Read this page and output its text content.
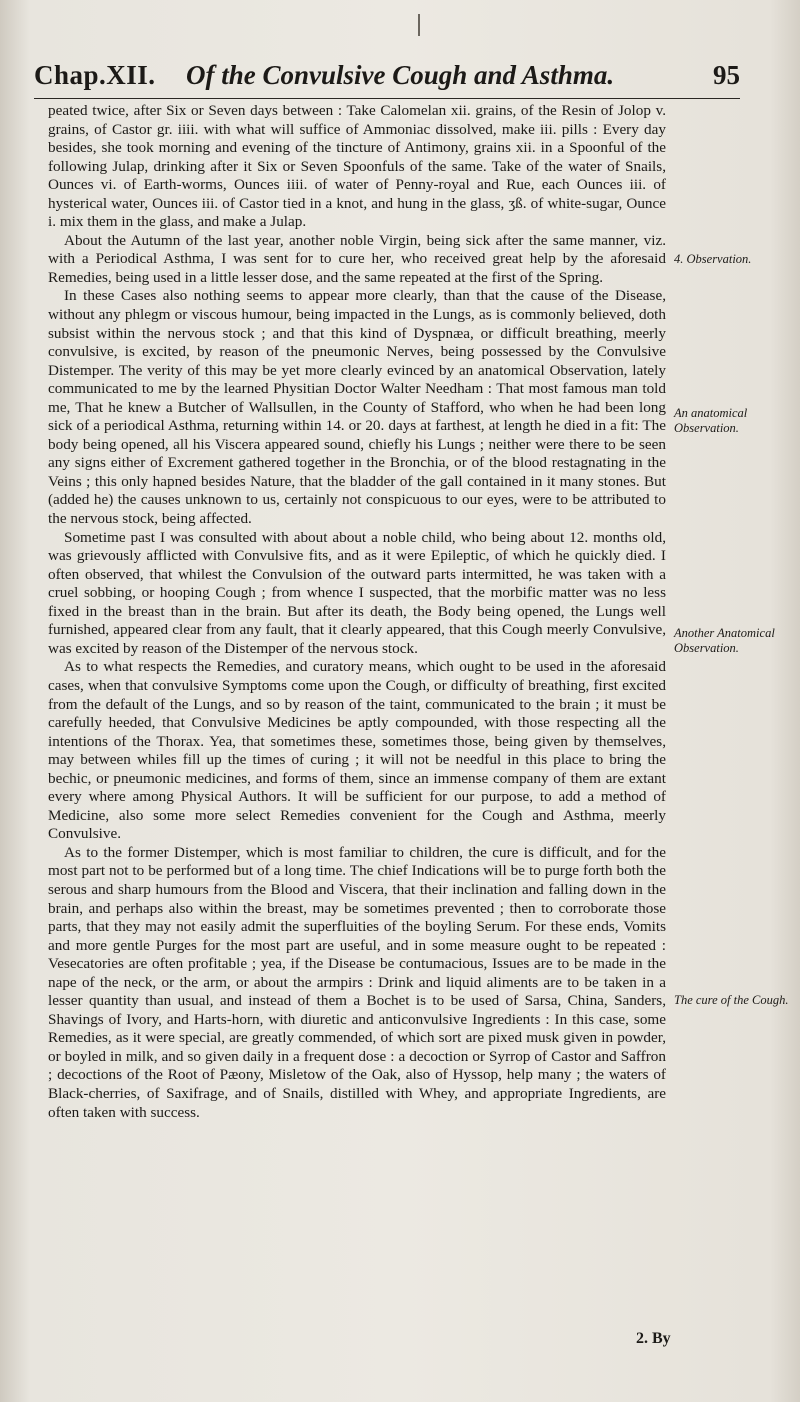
Chap.XII. Of the Convulsive Cough and Asthma.	95

peated twice, after Six or Seven days between : Take Calomelan xii. grains, of the Resin of Jolop v. grains, of Castor gr. iiii. with what will suffice of Ammoniac dissolved, make iii. pills : Every day besides, she took morning and evening of the tincture of Antimony, grains xii. in a Spoonful of the following Julap, drinking after it Six or Seven Spoonfuls of the same. Take of the water of Snails, Ounces vi. of Earth-worms, Ounces iiii. of water of Penny-royal and Rue, each Ounces iii. of hysterical water, Ounces iii. of Castor tied in a knot, and hung in the glass, ʒß. of white-sugar, Ounce i. mix them in the glass, and make a Julap.

About the Autumn of the last year, another noble Virgin, being sick after the same manner, viz. with a Periodical Asthma, I was sent for to cure her, who received great help by the aforesaid Remedies, being used in a little lesser dose, and the same repeated at the first of the Spring.

In these Cases also nothing seems to appear more clearly, than that the cause of the Disease, without any phlegm or viscous humour, being impacted in the Lungs, as is commonly believed, doth subsist within the nervous stock ; and that this kind of Dyspnæa, or difficult breathing, meerly convulsive, is excited, by reason of the pneumonic Nerves, being possessed by the Convulsive Distemper. The verity of this may be yet more clearly evinced by an anatomical Observation, lately communicated to me by the learned Physitian Doctor Walter Needham : That most famous man told me, That he knew a Butcher of Wallsullen, in the County of Stafford, who when he had been long sick of a periodical Asthma, returning within 14. or 20. days at farthest, at length he died in a fit: The body being opened, all his Viscera appeared sound, chiefly his Lungs ; neither were there to be seen any signs either of Excrement gathered together in the Bronchia, or of the blood restagnating in the Veins ; this only hapned besides Nature, that the bladder of the gall contained in it many stones. But (added he) the causes unknown to us, certainly not conspicuous to our eyes, were to be attributed to the nervous stock, being affected.

Sometime past I was consulted with about about a noble child, who being about 12. months old, was grievously afflicted with Convulsive fits, and as it were Epileptic, of which he quickly died. I often observed, that whilest the Convulsion of the outward parts intermitted, he was taken with a cruel sobbing, or hooping Cough ; from whence I suspected, that the morbific matter was no less fixed in the breast than in the brain. But after its death, the Body being opened, the Lungs well furnished, appeared clear from any fault, that it clearly appeared, that this Cough meerly Convulsive, was excited by reason of the Distemper of the nervous stock.

As to what respects the Remedies, and curatory means, which ought to be used in the aforesaid cases, when that convulsive Symptoms come upon the Cough, or difficulty of breathing, first excited from the default of the Lungs, and so by reason of the taint, communicated to the brain ; it must be carefully heeded, that Convulsive Medicines be aptly compounded, with those respecting all the intentions of the Thorax. Yea, that sometimes these, sometimes those, being given by themselves, may between whiles fill up the times of curing ; it will not be needful in this place to bring the bechic, or pneumonic medicines, and forms of them, since an immense company of them are extant every where among Physical Authors. It will be sufficient for our purpose, to add a method of Medicine, also some more select Remedies convenient for the Cough and Asthma, meerly Convulsive.

As to the former Distemper, which is most familiar to children, the cure is difficult, and for the most part not to be performed but of a long time. The chief Indications will be to purge forth both the serous and sharp humours from the Blood and Viscera, that their inclination and falling down in the brain, and perhaps also within the breast, may be sometimes prevented ; then to corroborate those parts, that they may not easily admit the superfluities of the boyling Serum. For these ends, Vomits and more gentle Purges for the most part are useful, and in some measure ought to be repeated : Vesecatories are often profitable ; yea, if the Disease be contumacious, Issues are to be made in the nape of the neck, or the arm, or about the armpirs : Drink and liquid aliments are to be taken in a lesser quantity than usual, and instead of them a Bochet is to be used of Sarsa, China, Sanders, Shavings of Ivory, and Harts-horn, with diuretic and anticonvulsive Ingredients : In this case, some Remedies, as it were special, are greatly commended, of which sort are pixed musk given in powder, or boyled in milk, and so given daily in a frequent dose : a decoction or Syrrop of Castor and Saffron ; decoctions of the Root of Pæony, Misletow of the Oak, also of Hyssop, help many ; the waters of Black-cherries, of Saxifrage, and of Snails, distilled with Whey, and appropriate Ingredients, are often taken with success.

4. Observation.
An anatomical Observation.
Another Anatomical Observation.
The cure of the Cough.
2. By
